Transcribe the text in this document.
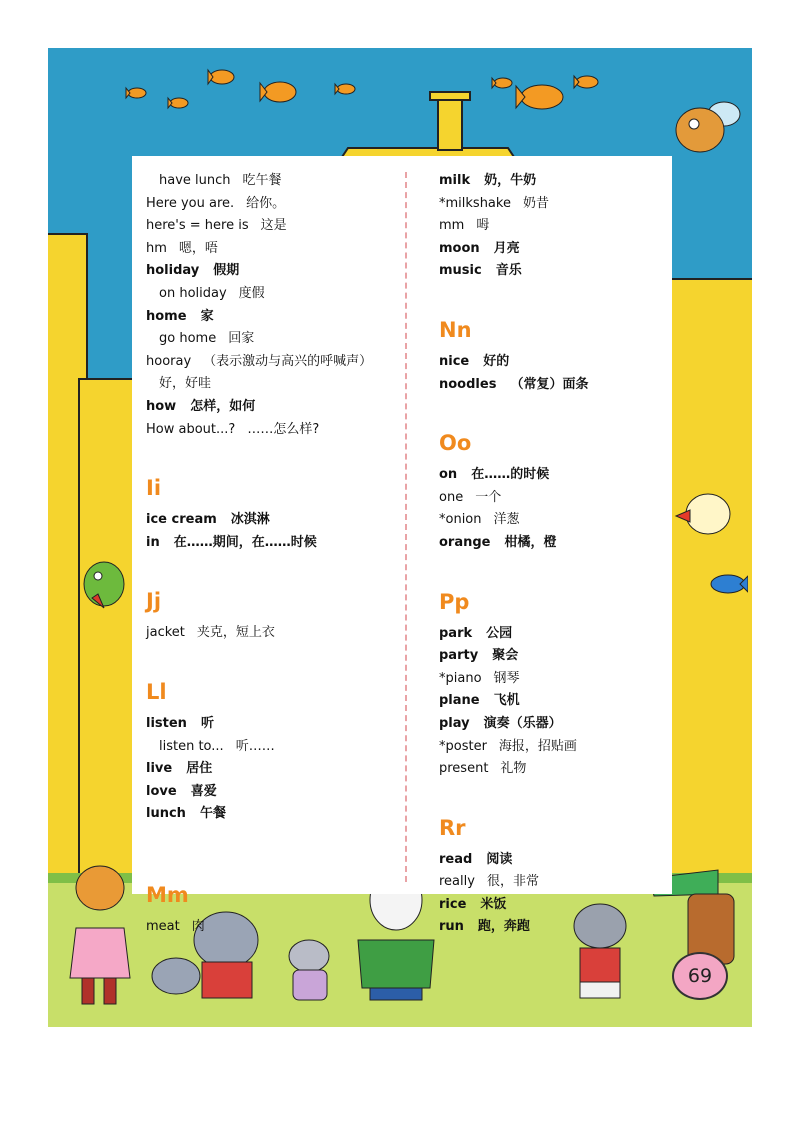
have lunch 吃午餐
Here you are. 给你。
here's = here is 这是
hm 嗯，唔
holiday 假期
on holiday 度假
home 家
go home 回家
hooray （表示激动与高兴的呼喊声）
好，好哇
how 怎样，如何
How about...? ……怎么样?
Ii
ice cream 冰淇淋
in 在……期间，在……时候
Jj
jacket 夹克，短上衣
Ll
listen 听
listen to... 听……
live 居住
love 喜爱
lunch 午餐
Mm
meat 肉
milk 奶，牛奶
*milkshake 奶昔
mm 呣
moon 月亮
music 音乐
Nn
nice 好的
noodles （常复）面条
Oo
on 在……的时候
one 一个
*onion 洋葱
orange 柑橘，橙
Pp
park 公园
party 聚会
*piano 钢琴
plane 飞机
play 演奏（乐器）
*poster 海报，招贴画
present 礼物
Rr
read 阅读
really 很，非常
rice 米饭
run 跑，奔跑
69
